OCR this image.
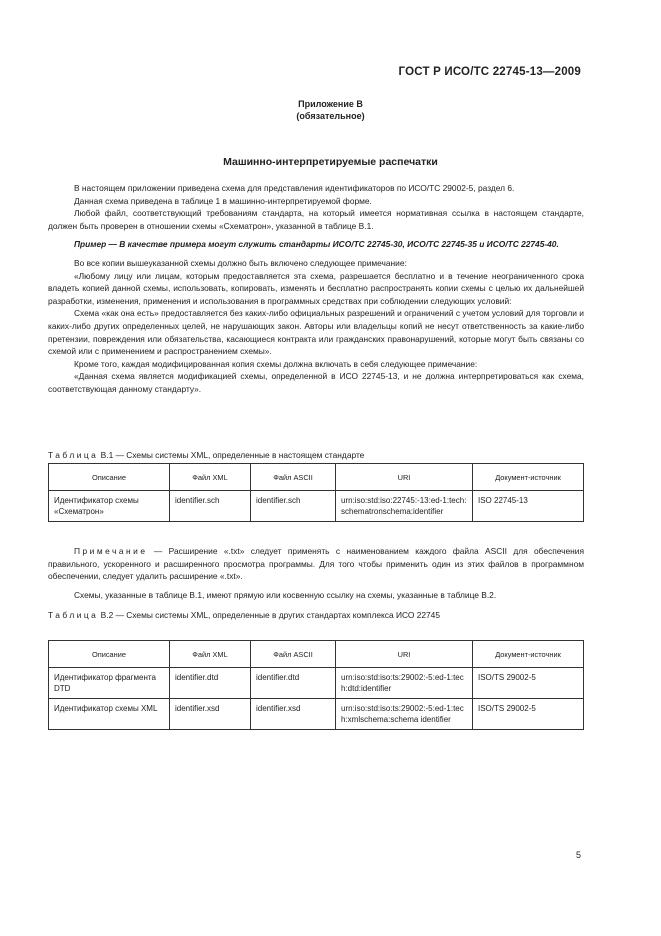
ГОСТ Р ИСО/ТС 22745-13—2009
Приложение В
(обязательное)
Машинно-интерпретируемые распечатки

В настоящем приложении приведена схема для представления идентификаторов по ИСО/ТС 29002-5, раздел 6.

Данная схема приведена в таблице 1 в машинно-интерпретируемой форме.

Любой файл, соответствующий требованиям стандарта, на который имеется нормативная ссылка в настоящем стандарте, должен быть проверен в отношении схемы «Схематрон», указанной в таблице В.1.

Пример — В качестве примера могут служить стандарты ИСО/ТС 22745-30, ИСО/ТС 22745-35 и ИСО/ТС 22745-40.

Во все копии вышеуказанной схемы должно быть включено следующее примечание:

«Любому лицу или лицам, которым предоставляется эта схема, разрешается бесплатно и в течение неограниченного срока владеть копией данной схемы, использовать, копировать, изменять и бесплатно распространять копии схемы с целью их дальнейшей разработки, изменения, применения и использования в программных средствах при соблюдении следующих условий:

Схема «как она есть» предоставляется без каких-либо официальных разрешений и ограничений с учетом условий для торговли и каких-либо других определенных целей, не нарушающих закон. Авторы или владельцы копий не несут ответственность за какие-либо претензии, повреждения или обязательства, касающиеся контракта или гражданских правонарушений, которые могут быть связаны со схемой или с применением и распространением схемы».

Кроме того, каждая модифицированная копия схемы должна включать в себя следующее примечание:

«Данная схема является модификацией схемы, определенной в ИСО 22745-13, и не должна интерпретироваться как схема, соответствующая данному стандарту».

Таблица В.1 — Схемы системы XML, определенные в настоящем стандарте
Описание	Файл XML	Файл ASCII	URI	Документ-источник
Идентификатор схемы «Схематрон»	identifier.sch	identifier.sch	urn:iso:std:iso:22745:-13:ed-1:tech:schematronschema:identifier	ISO 22745-13

Примечание — Расширение «.txt» следует применять с наименованием каждого файла ASCII для обеспечения правильного, ускоренного и расширенного просмотра программы. Для того чтобы применить один из этих файлов в программном обеспечении, следует удалить расширение «.txt».

Схемы, указанные в таблице В.1, имеют прямую или косвенную ссылку на схемы, указанные в таблице В.2.

Таблица В.2 — Схемы системы XML, определенные в других стандартах комплекса ИСО 22745
Описание	Файл XML	Файл ASCII	URI	Документ-источник
Идентификатор фрагмента DTD	identifier.dtd	identifier.dtd	urn:iso:std:iso:ts:29002:-5:ed-1:tech:dtd:identifier	ISO/TS 29002-5
Идентификатор схемы XML	identifier.xsd	identifier.xsd	urn:iso:std:iso:ts:29002:-5:ed-1:tech:xmlschema:schema identifier	ISO/TS 29002-5
5
